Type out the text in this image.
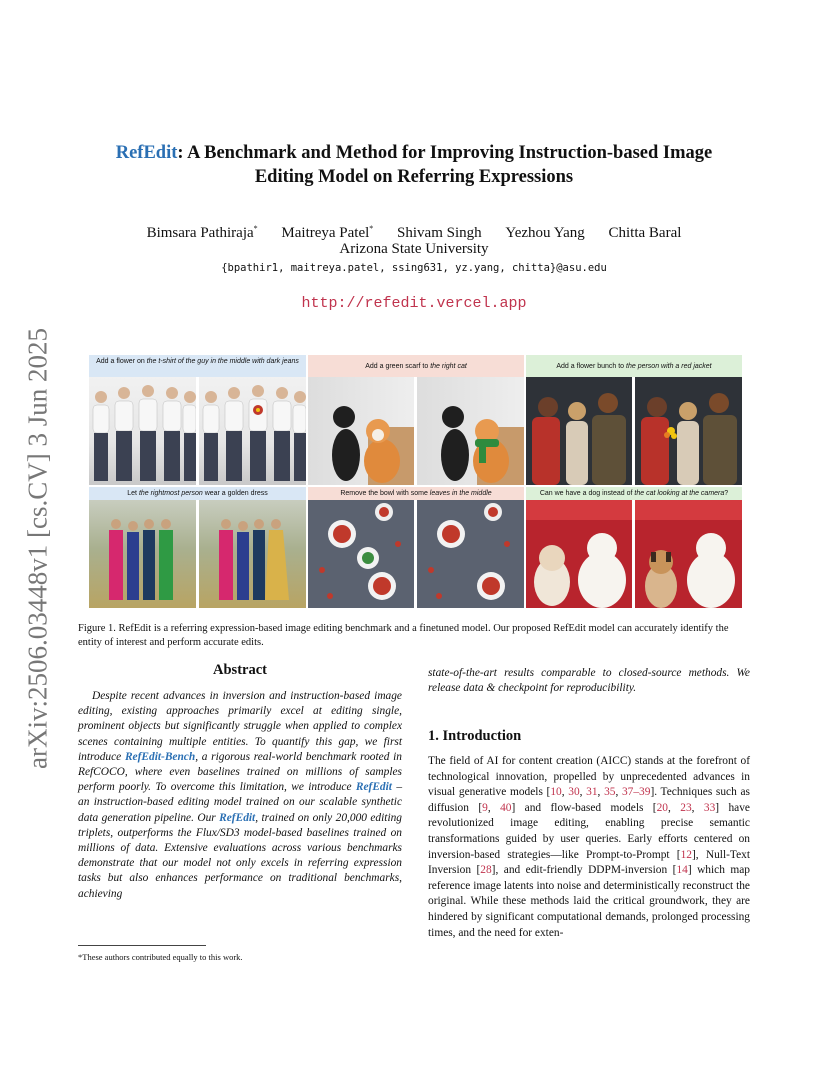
arXiv:2506.03448v1 [cs.CV] 3 Jun 2025
RefEdit: A Benchmark and Method for Improving Instruction-based Image
Editing Model on Referring Expressions
Bimsara Pathiraja* Maitreya Patel* Shivam Singh Yezhou Yang Chitta Baral
Arizona State University
{bpathir1, maitreya.patel, ssing631, yz.yang, chitta}@asu.edu
http://refedit.vercel.app
Add a flower on the t-shirt of the guy in the middle with dark jeans
Add a green scarf to the right cat	Add a flower bunch to the person with a red jacket
Let the rightmost person wear a golden dress	Remove the bowl with some leaves in the middle	Can we have a dog instead of the cat looking at the camera?
Figure 1. RefEdit is a referring expression-based image editing benchmark and a finetuned model. Our proposed RefEdit model can accurately identify the entity of interest and perform accurate edits.
Abstract
Despite recent advances in inversion and instruction-based image editing, existing approaches primarily excel at editing single, prominent objects but significantly struggle when applied to complex scenes containing multiple entities. To quantify this gap, we first introduce RefEdit-Bench, a rigorous real-world benchmark rooted in RefCOCO, where even baselines trained on millions of samples perform poorly. To overcome this limitation, we introduce RefEdit – an instruction-based editing model trained on our scalable synthetic data generation pipeline. Our RefEdit, trained on only 20,000 editing triplets, outperforms the Flux/SD3 model-based baselines trained on millions of data. Extensive evaluations across various benchmarks demonstrate that our model not only excels in referring expression tasks but also enhances performance on traditional benchmarks, achieving
*These authors contributed equally to this work.
state-of-the-art results comparable to closed-source methods. We release data & checkpoint for reproducibility.
1. Introduction
The field of AI for content creation (AICC) stands at the forefront of technological innovation, propelled by unprecedented advances in visual generative models [10, 30, 31, 35, 37–39]. Techniques such as diffusion [9, 40] and flow-based models [20, 23, 33] have revolutionized image editing, enabling precise semantic transformations guided by user queries. Early efforts centered on inversion-based strategies—like Prompt-to-Prompt [12], Null-Text Inversion [28], and edit-friendly DDPM-inversion [14] which map reference image latents into noise and deterministically reconstruct the original. While these methods laid the critical groundwork, they are hindered by significant computational demands, prolonged processing times, and the need for exten-
